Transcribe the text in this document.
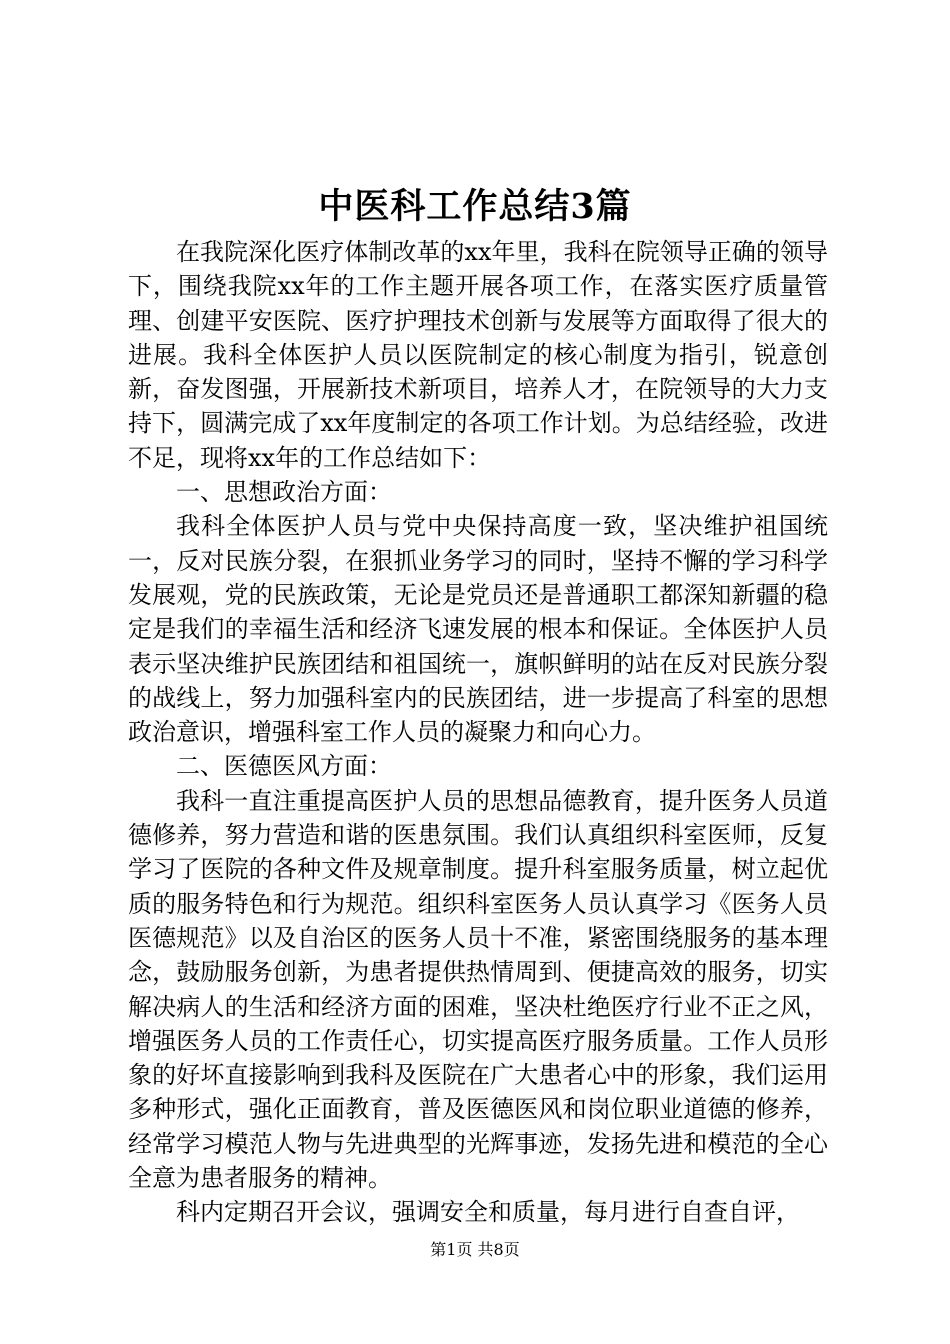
中医科工作总结3篇

在我院深化医疗体制改革的xx年里，我科在院领导正确的领导下，围绕我院xx年的工作主题开展各项工作，在落实医疗质量管理、创建平安医院、医疗护理技术创新与发展等方面取得了很大的进展。我科全体医护人员以医院制定的核心制度为指引，锐意创新，奋发图强，开展新技术新项目，培养人才，在院领导的大力支持下，圆满完成了xx年度制定的各项工作计划。为总结经验，改进不足，现将xx年的工作总结如下：

一、思想政治方面：

我科全体医护人员与党中央保持高度一致，坚决维护祖国统一，反对民族分裂，在狠抓业务学习的同时，坚持不懈的学习科学发展观，党的民族政策，无论是党员还是普通职工都深知新疆的稳定是我们的幸福生活和经济飞速发展的根本和保证。全体医护人员表示坚决维护民族团结和祖国统一，旗帜鲜明的站在反对民族分裂的战线上，努力加强科室内的民族团结，进一步提高了科室的思想政治意识，增强科室工作人员的凝聚力和向心力。

二、医德医风方面：

我科一直注重提高医护人员的思想品德教育，提升医务人员道德修养，努力营造和谐的医患氛围。我们认真组织科室医师，反复学习了医院的各种文件及规章制度。提升科室服务质量，树立起优质的服务特色和行为规范。组织科室医务人员认真学习《医务人员医德规范》以及自治区的医务人员十不准，紧密围绕服务的基本理念，鼓励服务创新，为患者提供热情周到、便捷高效的服务，切实解决病人的生活和经济方面的困难，坚决杜绝医疗行业不正之风，增强医务人员的工作责任心，切实提高医疗服务质量。工作人员形象的好坏直接影响到我科及医院在广大患者心中的形象，我们运用多种形式，强化正面教育，普及医德医风和岗位职业道德的修养，经常学习模范人物与先进典型的光辉事迹，发扬先进和模范的全心全意为患者服务的精神。

科内定期召开会议，强调安全和质量，每月进行自查自评，

第1页 共8页
